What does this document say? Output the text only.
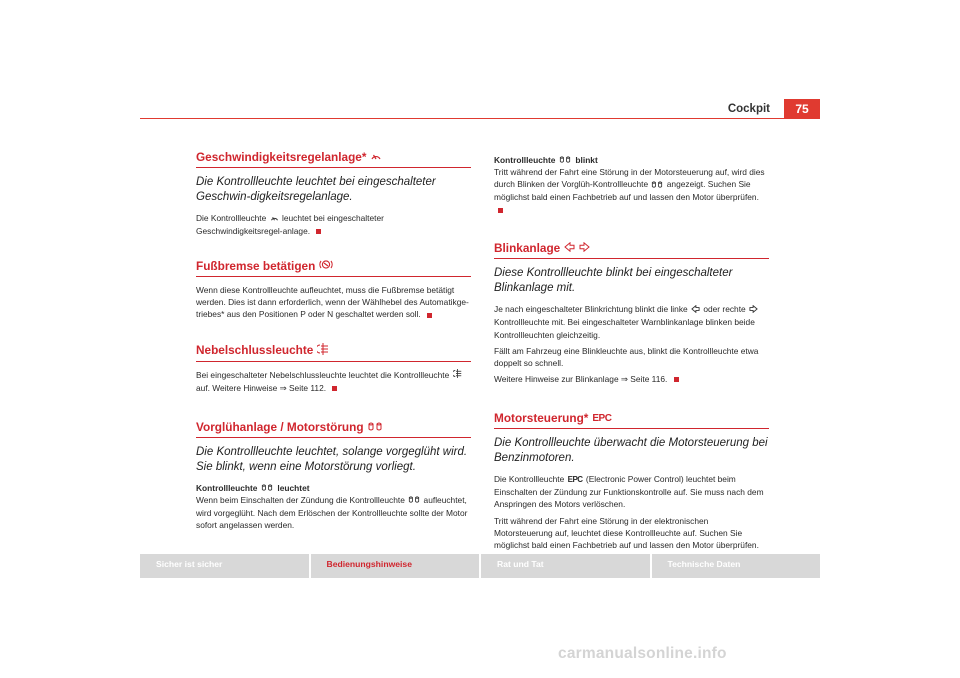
Cockpit	75
Geschwindigkeitsregelanlage*
Die Kontrollleuchte leuchtet bei eingeschalteter Geschwin-digkeitsregelanlage.
Die Kontrollleuchte leuchtet bei eingeschalteter Geschwindigkeitsregel-anlage.
Fußbremse betätigen
Wenn diese Kontrollleuchte aufleuchtet, muss die Fußbremse betätigt werden. Dies ist dann erforderlich, wenn der Wählhebel des Automatikge-triebes* aus den Positionen P oder N geschaltet werden soll.
Nebelschlussleuchte
Bei eingeschalteter Nebelschlussleuchte leuchtet die Kontrollleuchte  auf. Weitere Hinweise ⇒ Seite 112.
Vorglühanlage / Motorstörung
Die Kontrollleuchte leuchtet, solange vorgeglüht wird. Sie blinkt, wenn eine Motorstörung vorliegt.
Kontrollleuchte leuchtet
Wenn beim Einschalten der Zündung die Kontrollleuchte aufleuchtet, wird vorgeglüht. Nach dem Erlöschen der Kontrollleuchte sollte der Motor sofort angelassen werden.
Kontrollleuchte blinkt
Tritt während der Fahrt eine Störung in der Motorsteuerung auf, wird dies durch Blinken der Vorglüh-Kontrollleuchte angezeigt. Suchen Sie möglichst bald einen Fachbetrieb auf und lassen den Motor überprüfen.
Blinkanlage
Diese Kontrollleuchte blinkt bei eingeschalteter Blinkanlage mit.
Je nach eingeschalteter Blinkrichtung blinkt die linke oder rechte  Kontrollleuchte mit. Bei eingeschalteter Warnblinkanlage blinken beide Kontrollleuchten gleichzeitig.
Fällt am Fahrzeug eine Blinkleuchte aus, blinkt die Kontrollleuchte etwa doppelt so schnell.
Weitere Hinweise zur Blinkanlage ⇒ Seite 116.
Motorsteuerung* EPC
Die Kontrollleuchte überwacht die Motorsteuerung bei Benzinmotoren.
Die Kontrollleuchte EPC (Electronic Power Control) leuchtet beim Einschalten der Zündung zur Funktionskontrolle auf. Sie muss nach dem Anspringen des Motors verlöschen.
Tritt während der Fahrt eine Störung in der elektronischen Motorsteuerung auf, leuchtet diese Kontrollleuchte auf. Suchen Sie möglichst bald einen Fachbetrieb auf und lassen den Motor überprüfen.
Sicher ist sicher	Bedienungshinweise	Rat und Tat	Technische Daten
carmanualsonline.info
